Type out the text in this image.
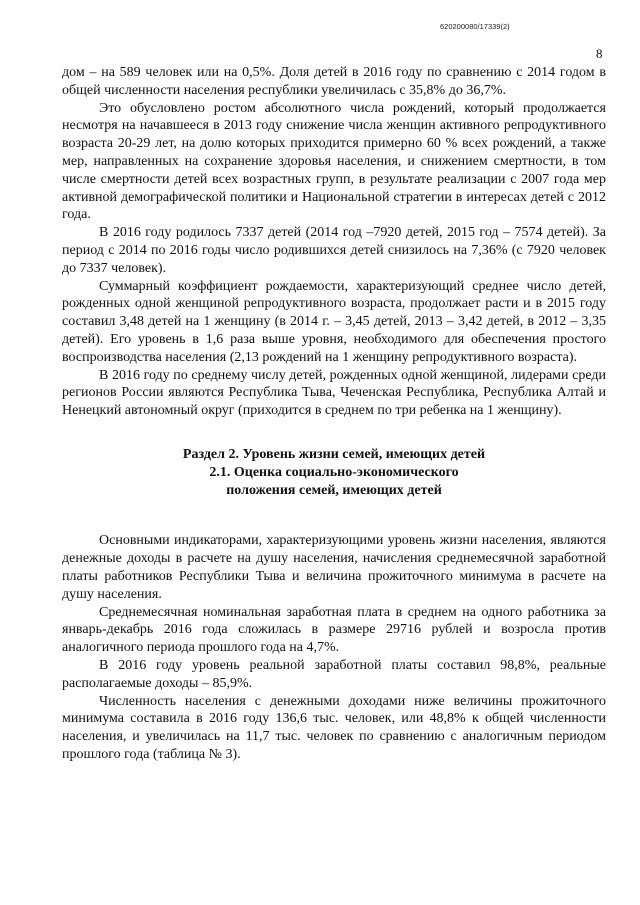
620200080/17339(2)
8

дом – на 589 человек или на 0,5%. Доля детей в 2016 году по сравнению с 2014 годом в общей численности населения республики увеличилась с 35,8% до 36,7%.

Это обусловлено ростом абсолютного числа рождений, который продолжается несмотря на начавшееся в 2013 году снижение числа женщин активного репродуктивного возраста 20-29 лет, на долю которых приходится примерно 60 % всех рождений, а также мер, направленных на сохранение здоровья населения, и снижением смертности, в том числе смертности детей всех возрастных групп, в результате реализации с 2007 года мер активной демографической политики и Национальной стратегии в интересах детей с 2012 года.

В 2016 году родилось 7337 детей (2014 год –7920 детей, 2015 год – 7574 детей). За период с 2014 по 2016 годы число родившихся детей снизилось на 7,36% (с 7920 человек до 7337 человек).

Суммарный коэффициент рождаемости, характеризующий среднее число детей, рожденных одной женщиной репродуктивного возраста, продолжает расти и в 2015 году составил 3,48 детей на 1 женщину (в 2014 г. – 3,45 детей, 2013 – 3,42 детей, в 2012 – 3,35 детей). Его уровень в 1,6 раза выше уровня, необходимого для обеспечения простого воспроизводства населения (2,13 рождений на 1 женщину репродуктивного возраста).

В 2016 году по среднему числу детей, рожденных одной женщиной, лидерами среди регионов России являются Республика Тыва, Чеченская Республика, Республика Алтай и Ненецкий автономный округ (приходится в среднем по три ребенка на 1 женщину).

Раздел 2. Уровень жизни семей, имеющих детей
2.1. Оценка социально-экономического
положения семей, имеющих детей

Основными индикаторами, характеризующими уровень жизни населения, являются денежные доходы в расчете на душу населения, начисления среднемесячной заработной платы работников Республики Тыва и величина прожиточного минимума в расчете на душу населения.

Среднемесячная номинальная заработная плата в среднем на одного работника за январь-декабрь 2016 года сложилась в размере 29716 рублей и возросла против аналогичного периода прошлого года на 4,7%.

В 2016 году уровень реальной заработной платы составил 98,8%, реальные располагаемые доходы – 85,9%.

Численность населения с денежными доходами ниже величины прожиточного минимума составила в 2016 году 136,6 тыс. человек, или 48,8% к общей численности населения, и увеличилась на 11,7 тыс. человек по сравнению с аналогичным периодом прошлого года (таблица № 3).
